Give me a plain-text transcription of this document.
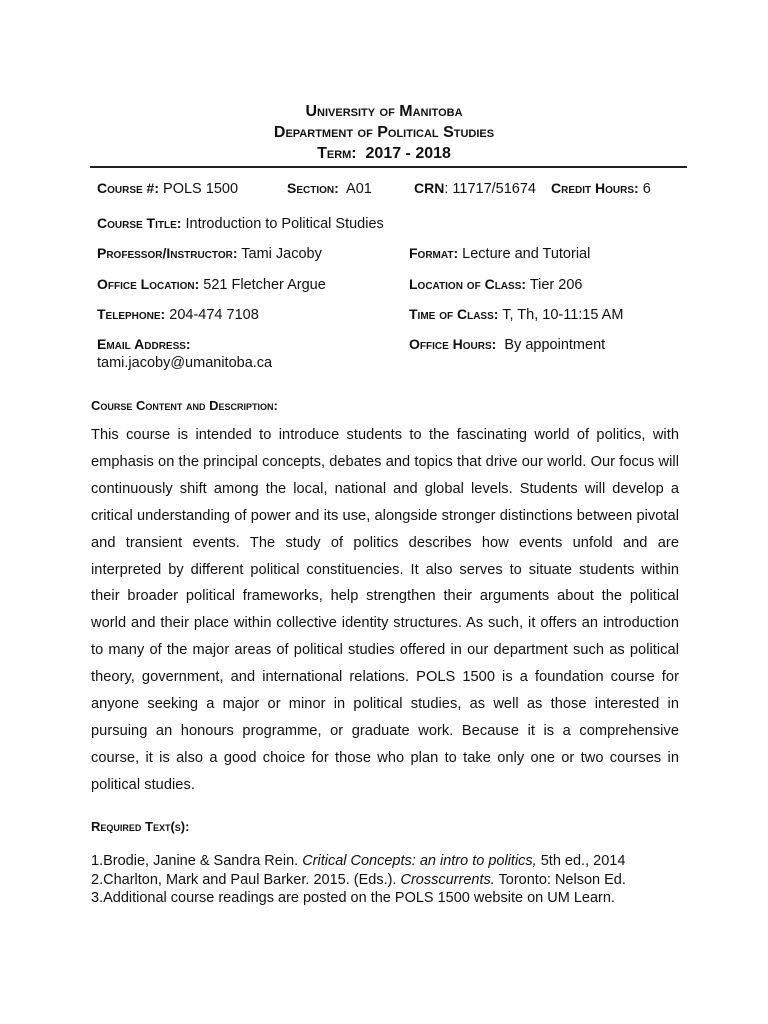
University of Manitoba
Department of Political Studies
Term: 2017 - 2018
Course #: POLS 1500	Section: A01	CRN: 11717/51674 Credit Hours: 6
Course Title: Introduction to Political Studies
Professor/Instructor: Tami Jacoby	Format: Lecture and Tutorial
Office Location: 521 Fletcher Argue	Location of Class: Tier 206
Telephone: 204-474 7108	Time of Class: T, Th, 10-11:15 AM
Email Address:
tami.jacoby@umanitoba.ca
Office Hours: By appointment
Course Content and Description:
This course is intended to introduce students to the fascinating world of politics, with emphasis on the principal concepts, debates and topics that drive our world. Our focus will continuously shift among the local, national and global levels. Students will develop a critical understanding of power and its use, alongside stronger distinctions between pivotal and transient events. The study of politics describes how events unfold and are interpreted by different political constituencies. It also serves to situate students within their broader political frameworks, help strengthen their arguments about the political world and their place within collective identity structures. As such, it offers an introduction to many of the major areas of political studies offered in our department such as political theory, government, and international relations. POLS 1500 is a foundation course for anyone seeking a major or minor in political studies, as well as those interested in pursuing an honours programme, or graduate work. Because it is a comprehensive course, it is also a good choice for those who plan to take only one or two courses in political studies.
Required Text(s):
1.Brodie, Janine & Sandra Rein. Critical Concepts: an intro to politics, 5th ed., 2014
2.Charlton, Mark and Paul Barker. 2015. (Eds.). Crosscurrents. Toronto: Nelson Ed.
3.Additional course readings are posted on the POLS 1500 website on UM Learn.
